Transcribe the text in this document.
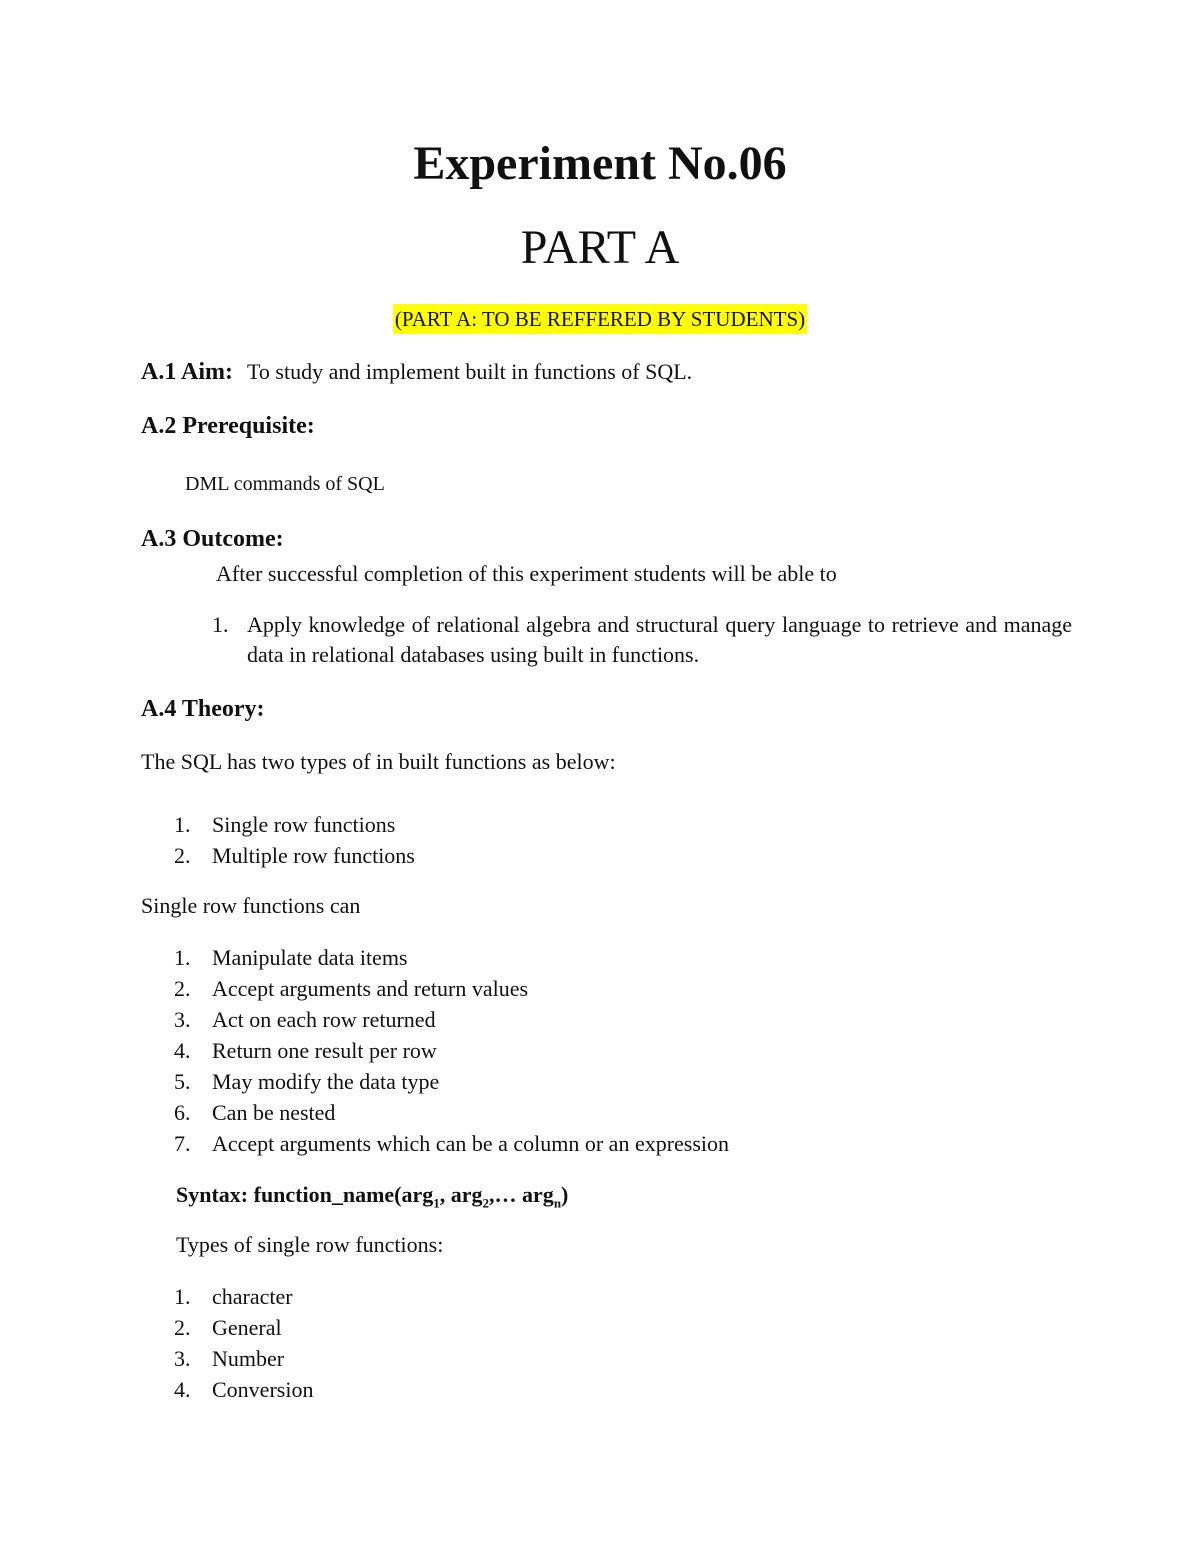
Experiment No.06
PART A
(PART A: TO BE REFFERED BY STUDENTS)
A.1 Aim: To study and implement built in functions of SQL.
A.2 Prerequisite:
DML commands of SQL
A.3 Outcome:
After successful completion of this experiment students will be able to
1. Apply knowledge of relational algebra and structural query language to retrieve and manage data in relational databases using built in functions.
A.4 Theory:
The SQL has two types of in built functions as below:
1. Single row functions
2. Multiple row functions
Single row functions can
1. Manipulate data items
2. Accept arguments and return values
3. Act on each row returned
4. Return one result per row
5. May modify the data type
6. Can be nested
7. Accept arguments which can be a column or an expression
Syntax: function_name(arg$_1$, arg$_2$,… arg$_n$)
Types of single row functions:
1. character
2. General
3. Number
4. Conversion
